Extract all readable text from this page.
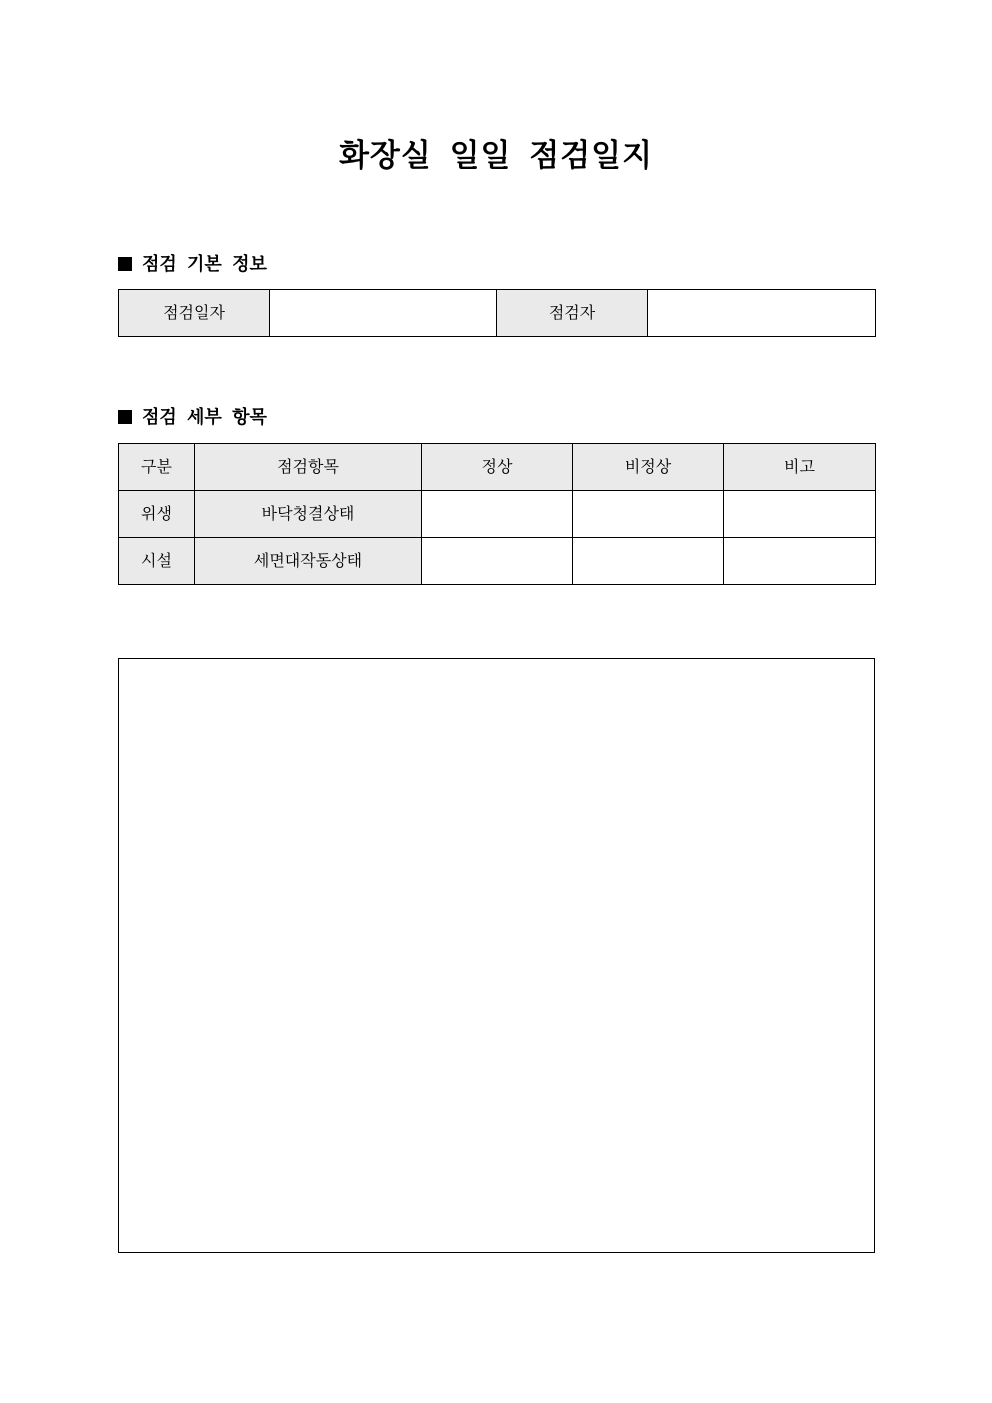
화장실 일일 점검일지
점검 기본 정보
점검일자		점검자	
점검 세부 항목
구분	점검항목	정상	비정상	비고
위생	바닥청결상태			
시설	세면대작동상태			
